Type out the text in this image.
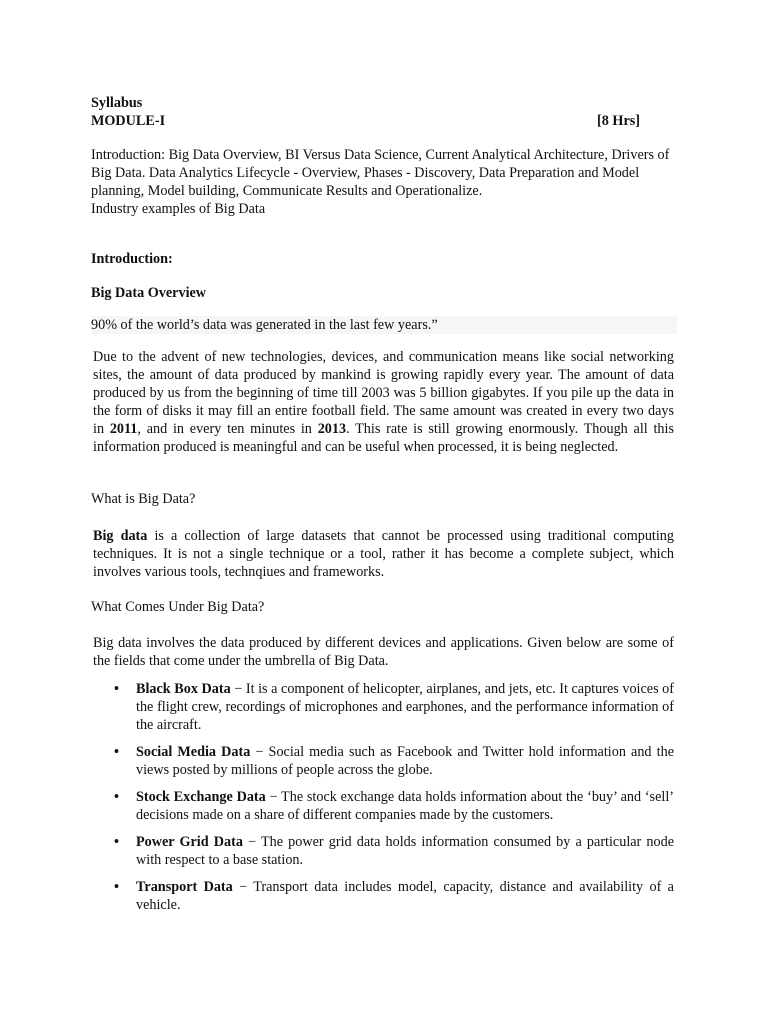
Syllabus

MODULE-I	[8 Hrs]

Introduction: Big Data Overview, BI Versus Data Science, Current Analytical Architecture, Drivers of Big Data. Data Analytics Lifecycle - Overview, Phases - Discovery, Data Preparation and Model planning, Model building, Communicate Results and Operationalize.

Industry examples of Big Data

Introduction:

Big Data Overview

90% of the world’s data was generated in the last few years.”

Due to the advent of new technologies, devices, and communication means like social networking sites, the amount of data produced by mankind is growing rapidly every year. The amount of data produced by us from the beginning of time till 2003 was 5 billion gigabytes. If you pile up the data in the form of disks it may fill an entire football field. The same amount was created in every two days in 2011, and in every ten minutes in 2013. This rate is still growing enormously. Though all this information produced is meaningful and can be useful when processed, it is being neglected.

What is Big Data?

Big data is a collection of large datasets that cannot be processed using traditional computing techniques. It is not a single technique or a tool, rather it has become a complete subject, which involves various tools, technqiues and frameworks.

What Comes Under Big Data?

Big data involves the data produced by different devices and applications. Given below are some of the fields that come under the umbrella of Big Data.

• Black Box Data − It is a component of helicopter, airplanes, and jets, etc. It captures voices of the flight crew, recordings of microphones and earphones, and the performance information of the aircraft.
• Social Media Data − Social media such as Facebook and Twitter hold information and the views posted by millions of people across the globe.
• Stock Exchange Data − The stock exchange data holds information about the ‘buy’ and ‘sell’ decisions made on a share of different companies made by the customers.
• Power Grid Data − The power grid data holds information consumed by a particular node with respect to a base station.
• Transport Data − Transport data includes model, capacity, distance and availability of a vehicle.
